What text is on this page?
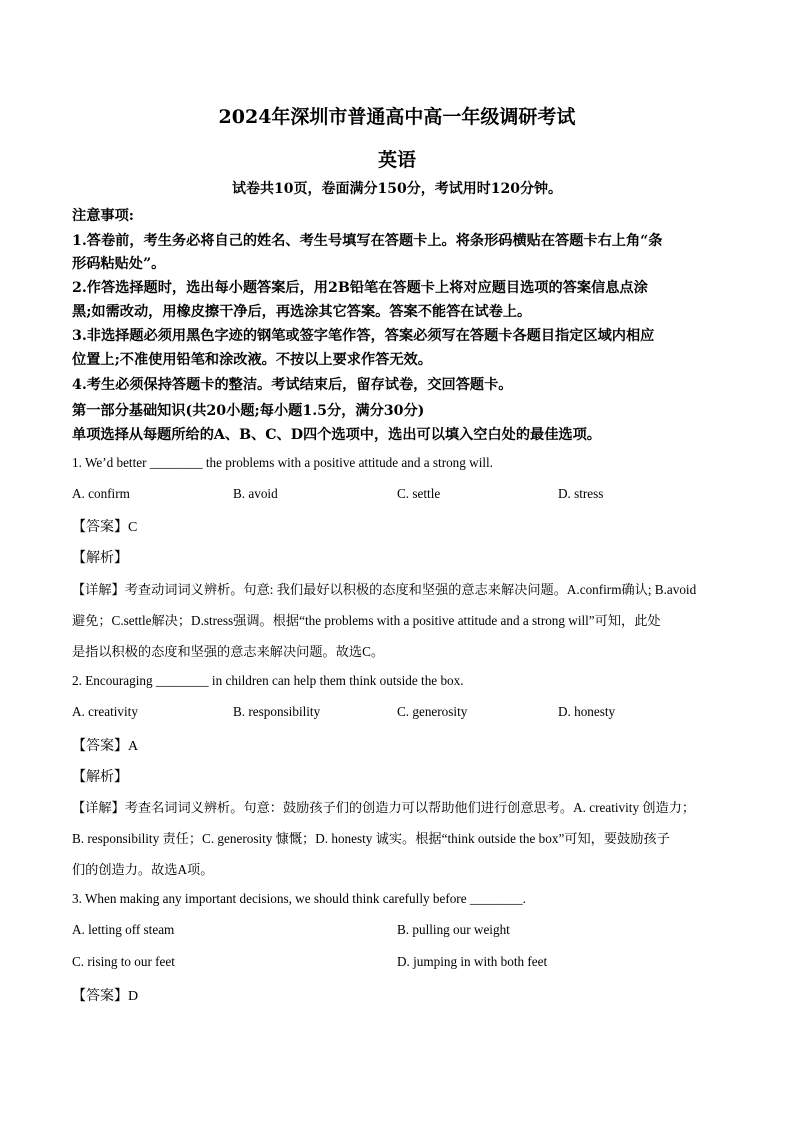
2024年深圳市普通高中高一年级调研考试
英语
试卷共10页，卷面满分150分，考试用时120分钟。
注意事项:
1.答卷前，考生务必将自己的姓名、考生号填写在答题卡上。将条形码横贴在答题卡右上角“条
形码粘贴处”。
2.作答选择题时，选出每小题答案后，用2B铅笔在答题卡上将对应题目选项的答案信息点涂
黑;如需改动，用橡皮擦干净后，再选涂其它答案。答案不能答在试卷上。
3.非选择题必须用黑色字迹的钢笔或签字笔作答，答案必须写在答题卡各题目指定区域内相应
位置上;不准使用铅笔和涂改液。不按以上要求作答无效。
4.考生必须保持答题卡的整洁。考试结束后，留存试卷，交回答题卡。
第一部分基础知识(共20小题;每小题1.5分，满分30分)
单项选择从每题所给的A、B、C、D四个选项中，选出可以填入空白处的最佳选项。
1. We’d better ________ the problems with a positive attitude and a strong will.
A. confirm	B. avoid	C. settle	D. stress
【答案】C
【解析】
【详解】考查动词词义辨析。句意: 我们最好以积极的态度和坚强的意志来解决问题。A.confirm确认; B.avoid
避免；C.settle解决；D.stress强调。根据“the problems with a positive attitude and a strong will”可知，此处
是指以积极的态度和坚强的意志来解决问题。故选C。
2. Encouraging ________ in children can help them think outside the box.
A. creativity	B. responsibility	C. generosity	D. honesty
【答案】A
【解析】
【详解】考查名词词义辨析。句意：鼓励孩子们的创造力可以帮助他们进行创意思考。A. creativity 创造力；
B. responsibility 责任；C. generosity 慷慨；D. honesty 诚实。根据“think outside the box”可知，要鼓励孩子
们的创造力。故选A项。
3. When making any important decisions, we should think carefully before ________.
A. letting off steam	B. pulling our weight
C. rising to our feet	D. jumping in with both feet
【答案】D
